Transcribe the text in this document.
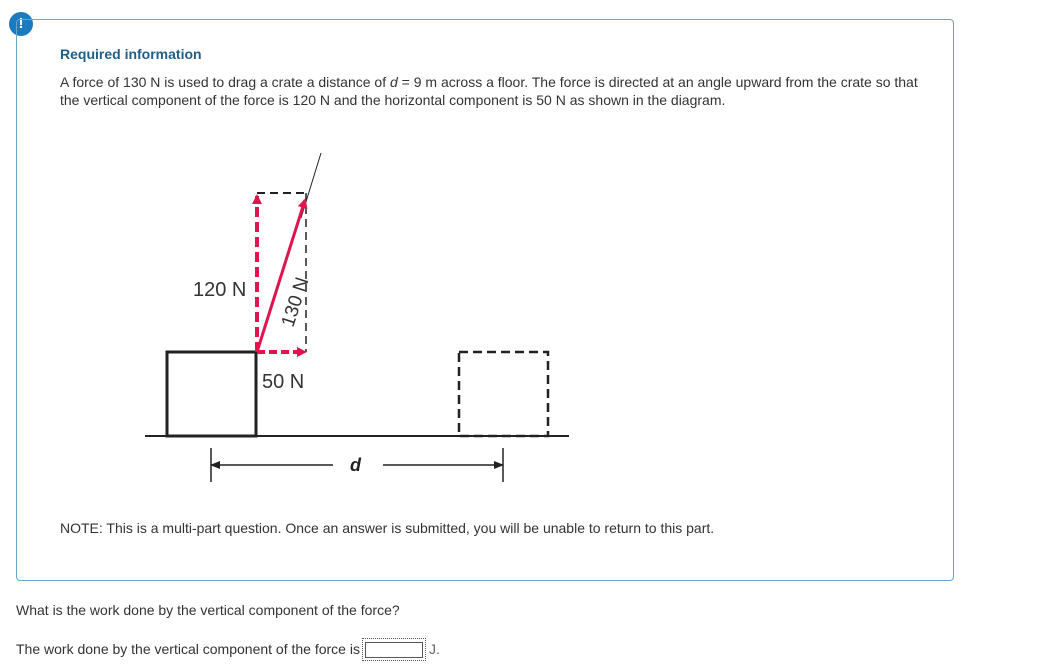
!
Required information
A force of 130 N is used to drag a crate a distance of d = 9 m across a floor. The force is directed at an angle upward from the crate so that the vertical component of the force is 120 N and the horizontal component is 50 N as shown in the diagram.
120 N 130 N
50 N
d
NOTE: This is a multi-part question. Once an answer is submitted, you will be unable to return to this part.
What is the work done by the vertical component of the force?
The work done by the vertical component of the force is	J.
